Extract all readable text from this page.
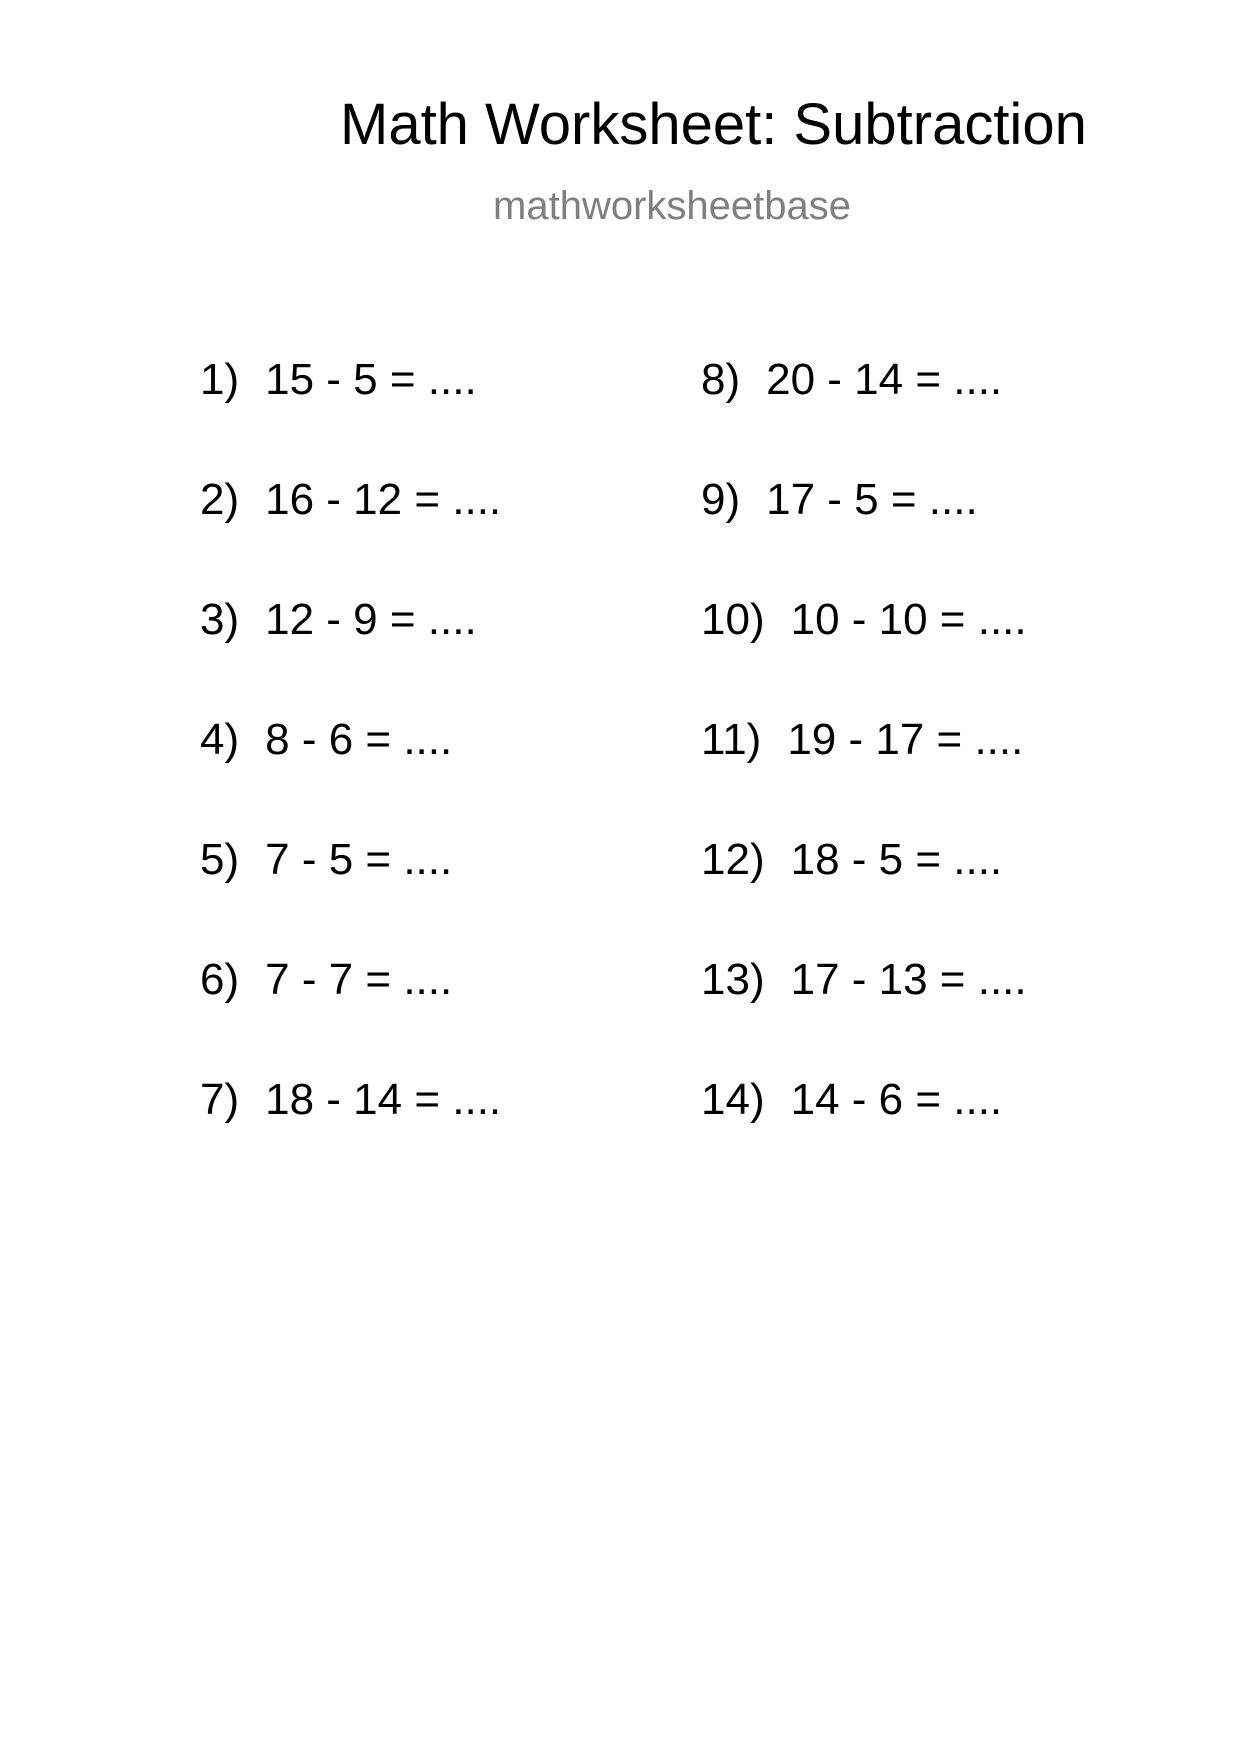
Math Worksheet: Subtraction
mathworksheetbase
1) 15 - 5 = ....
2) 16 - 12 = ....
3) 12 - 9 = ....
4) 8 - 6 = ....
5) 7 - 5 = ....
6) 7 - 7 = ....
7) 18 - 14 = ....
8) 20 - 14 = ....
9) 17 - 5 = ....
10) 10 - 10 = ....
11) 19 - 17 = ....
12) 18 - 5 = ....
13) 17 - 13 = ....
14) 14 - 6 = ....
